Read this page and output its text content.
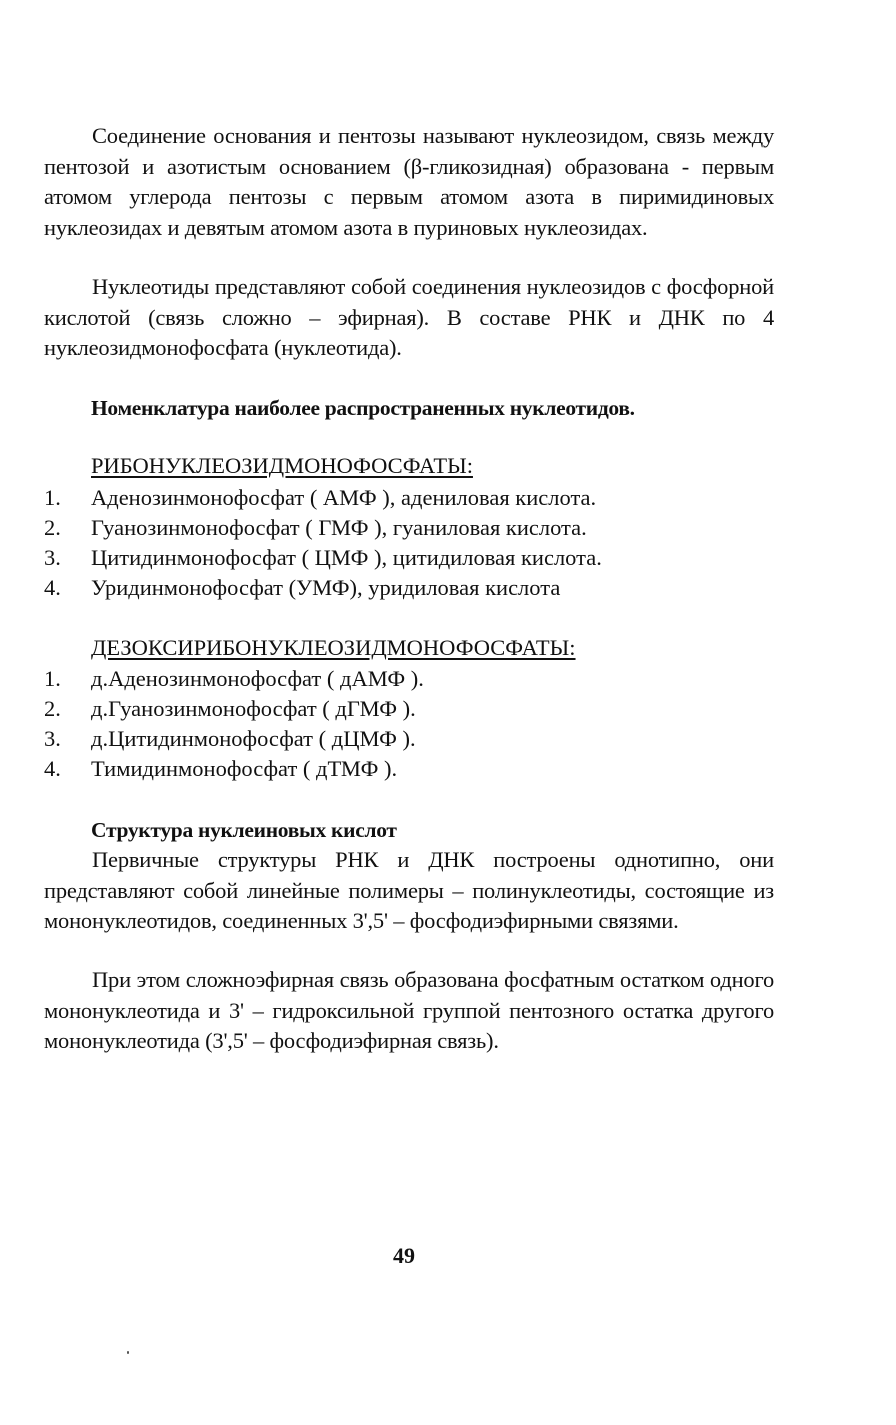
Соединение основания и пентозы называют нуклеозидом, связь между пентозой и азотистым основанием (β-гликозидная) образована - первым атомом углерода пентозы с первым атомом азота в пиримидиновых нуклеозидах и девятым атомом азота в пуриновых нуклеозидах.

Нуклеотиды представляют собой соединения нуклеозидов с фосфорной кислотой (связь сложно – эфирная). В составе РНК и ДНК по 4 нуклеозидмонофосфата (нуклеотида).

Номенклатура наиболее распространенных нуклеотидов.

РИБОНУКЛЕОЗИДМОНОФОСФАТЫ:

1. Аденозинмонофосфат ( АМФ ), адениловая кислота.
2. Гуанозинмонофосфат ( ГМФ ), гуаниловая кислота.
3. Цитидинмонофосфат ( ЦМФ ), цитидиловая кислота.
4. Уридинмонофосфат (УМФ), уридиловая кислота

ДЕЗОКСИРИБОНУКЛЕОЗИДМОНОФОСФАТЫ:

1. д.Аденозинмонофосфат ( дАМФ ).
2. д.Гуанозинмонофосфат ( дГМФ ).
3. д.Цитидинмонофосфат ( дЦМФ ).
4. Тимидинмонофосфат ( дТМФ ).
Структура нуклеиновых кислот

Первичные структуры РНК и ДНК построены однотипно, они представляют собой линейные полимеры – полинуклеотиды, состоящие из мононуклеотидов, соединенных 3',5' – фосфодиэфирными связями.

При этом сложноэфирная связь образована фосфатным остатком одного мононуклеотида и 3' – гидроксильной группой пентозного остатка другого мононуклеотида (3',5' – фосфодиэфирная связь).

49
